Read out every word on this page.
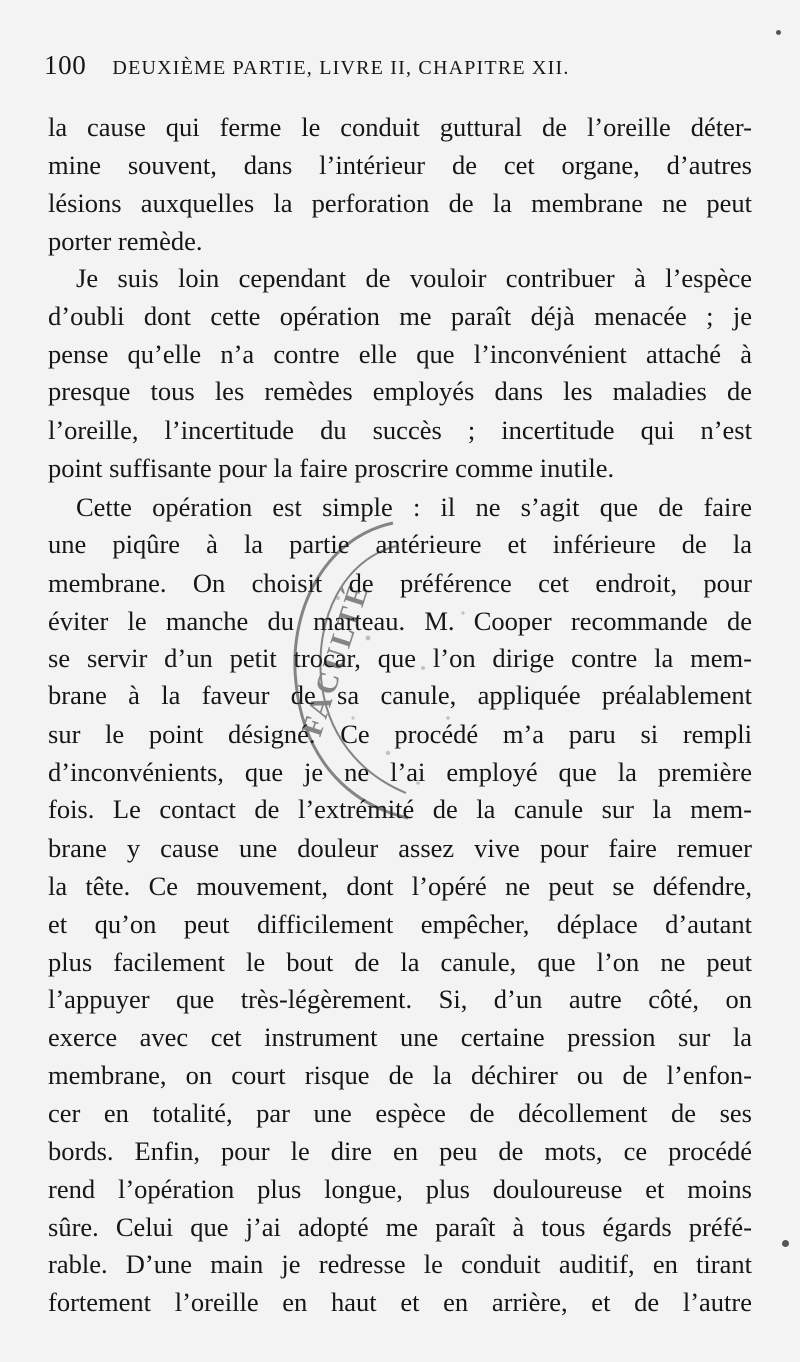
100 DEUXIÈME PARTIE, LIVRE II, CHAPITRE XII.
la cause qui ferme le conduit guttural de l’oreille déter-
mine souvent, dans l’intérieur de cet organe, d’autres
lésions auxquelles la perforation de la membrane ne peut
porter remède.
Je suis loin cependant de vouloir contribuer à l’espèce
d’oubli dont cette opération me paraît déjà menacée ; je
pense qu’elle n’a contre elle que l’inconvénient attaché à
presque tous les remèdes employés dans les maladies de
l’oreille, l’incertitude du succès ; incertitude qui n’est
point suffisante pour la faire proscrire comme inutile.
Cette opération est simple : il ne s’agit que de faire
une piqûre à la partie antérieure et inférieure de la
membrane. On choisit de préférence cet endroit, pour
éviter le manche du marteau. M. Cooper recommande de
se servir d’un petit trocar, que l’on dirige contre la mem-
brane à la faveur de sa canule, appliquée préalablement
sur le point désigné. Ce procédé m’a paru si rempli
d’inconvénients, que je ne l’ai employé que la première
fois. Le contact de l’extrémité de la canule sur la mem-
brane y cause une douleur assez vive pour faire remuer
la tête. Ce mouvement, dont l’opéré ne peut se défendre,
et qu’on peut difficilement empêcher, déplace d’autant
plus facilement le bout de la canule, que l’on ne peut
l’appuyer que très-légèrement. Si, d’un autre côté, on
exerce avec cet instrument une certaine pression sur la
membrane, on court risque de la déchirer ou de l’enfon-
cer en totalité, par une espèce de décollement de ses
bords. Enfin, pour le dire en peu de mots, ce procédé
rend l’opération plus longue, plus douloureuse et moins
sûre. Celui que j’ai adopté me paraît à tous égards préfé-
rable. D’une main je redresse le conduit auditif, en tirant
fortement l’oreille en haut et en arrière, et de l’autre
FACULTÉ
